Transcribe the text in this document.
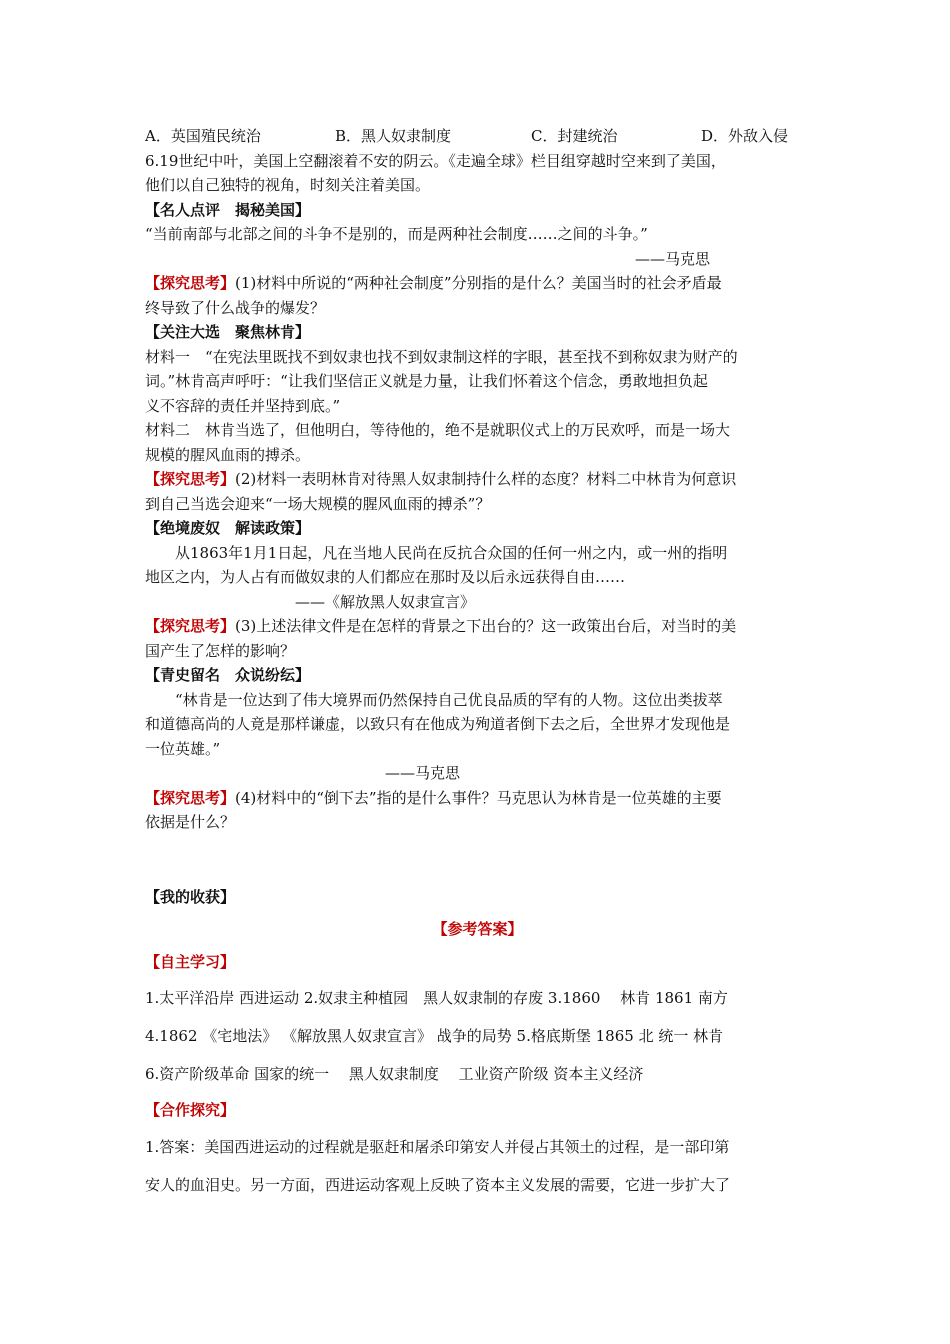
A．英国殖民统治	B．黑人奴隶制度	C．封建统治	D．外敌入侵
6.19世纪中叶，美国上空翻滚着不安的阴云。《走遍全球》栏目组穿越时空来到了美国，
他们以自己独特的视角，时刻关注着美国。
【名人点评　揭秘美国】
“当前南部与北部之间的斗争不是别的，而是两种社会制度……之间的斗争。”
——马克思
【探究思考】(1)材料中所说的“两种社会制度”分别指的是什么？美国当时的社会矛盾最
终导致了什么战争的爆发？
【关注大选　聚焦林肯】
材料一　“在宪法里既找不到奴隶也找不到奴隶制这样的字眼，甚至找不到称奴隶为财产的
词。”林肯高声呼吁：“让我们坚信正义就是力量，让我们怀着这个信念，勇敢地担负起
义不容辞的责任并坚持到底。”
材料二　林肯当选了，但他明白，等待他的，绝不是就职仪式上的万民欢呼，而是一场大
规模的腥风血雨的搏杀。
【探究思考】(2)材料一表明林肯对待黑人奴隶制持什么样的态度？材料二中林肯为何意识
到自己当选会迎来“一场大规模的腥风血雨的搏杀”？
【绝境废奴　解读政策】
从1863年1月1日起，凡在当地人民尚在反抗合众国的任何一州之内，或一州的指明
地区之内，为人占有而做奴隶的人们都应在那时及以后永远获得自由……
——《解放黑人奴隶宣言》
【探究思考】(3)上述法律文件是在怎样的背景之下出台的？这一政策出台后，对当时的美
国产生了怎样的影响？
【青史留名　众说纷纭】
“林肯是一位达到了伟大境界而仍然保持自己优良品质的罕有的人物。这位出类拔萃
和道德高尚的人竟是那样谦虚，以致只有在他成为殉道者倒下去之后，全世界才发现他是
一位英雄。”
——马克思
【探究思考】(4)材料中的“倒下去”指的是什么事件？马克思认为林肯是一位英雄的主要
依据是什么？
【我的收获】
【参考答案】
【自主学习】
1.太平洋沿岸 西进运动 2.奴隶主种植园　黑人奴隶制的存废 3.1860　 林肯 1861 南方
4.1862 《宅地法》 《解放黑人奴隶宣言》 战争的局势 5.格底斯堡 1865 北 统一 林肯
6.资产阶级革命 国家的统一　 黑人奴隶制度　 工业资产阶级 资本主义经济
【合作探究】
1.答案：美国西进运动的过程就是驱赶和屠杀印第安人并侵占其领土的过程，是一部印第
安人的血泪史。另一方面，西进运动客观上反映了资本主义发展的需要，它进一步扩大了
